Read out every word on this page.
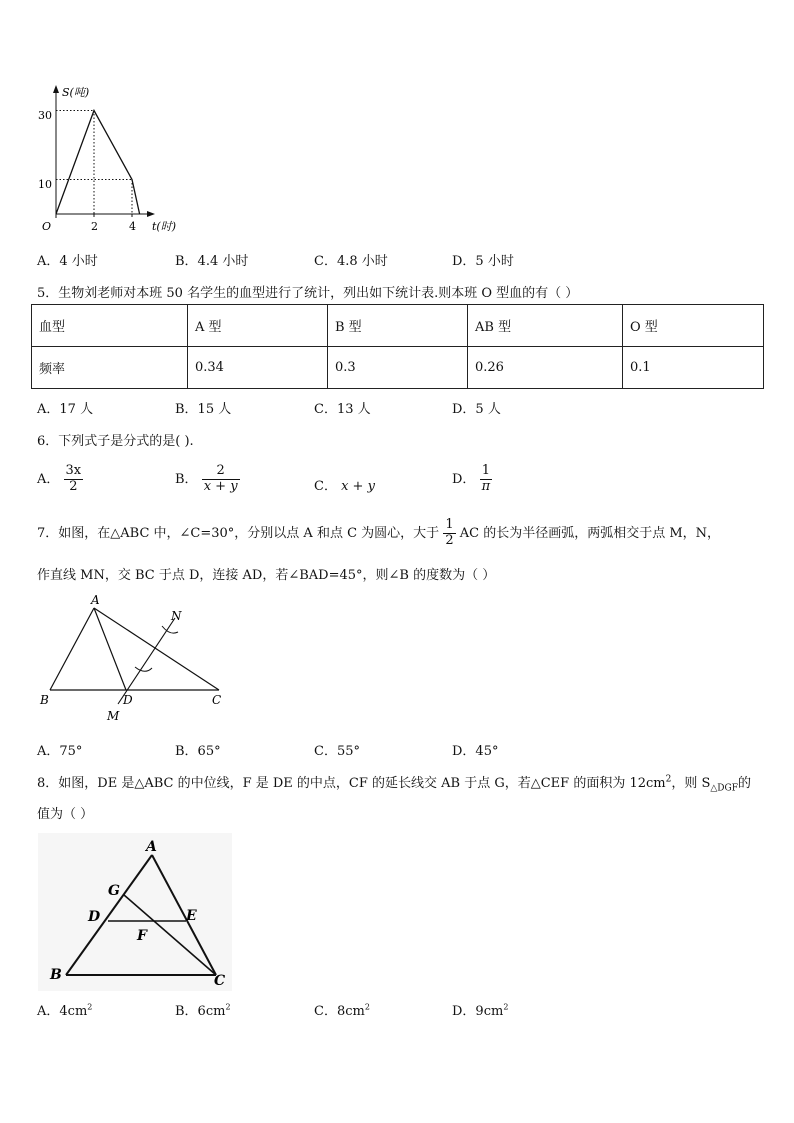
S(吨)
t(时)
O
30
10
2	4
A．4 小时	B．4.4 小时	C．4.8 小时	D．5 小时
5．生物刘老师对本班 50 名学生的血型进行了统计，列出如下统计表.则本班 O 型血的有（ ）
血型	A 型	B 型	AB 型	O 型
频率	0.34	0.3	0.26	0.1
A．17 人	B．15 人	C．13 人	D．5 人
6．下列式子是分式的是( ).
A． $\frac{3x}{2}$	B． $\frac{2}{x + y}$	C． x + y	D． $\frac{1}{\pi}$
7．如图，在△ABC 中，∠C=30°，分别以点 A 和点 C 为圆心，大于 $\frac{1}{2}$ AC 的长为半径画弧，两弧相交于点 M，N，
作直线 MN，交 BC 于点 D，连接 AD，若∠BAD=45°，则∠B 的度数为（ ）
A
B	C
D
M
N
A．75°	B．65°	C．55°	D．45°
8．如图，DE 是△ABC 的中位线，F 是 DE 的中点，CF 的延长线交 AB 于点 G，若△CEF 的面积为 $12cm^2$，则 $S_{\triangle DGF}$的
值为（ ）
A
G
D	E
F
B	C
A．$4cm^2$	B．$6cm^2$	C．$8cm^2$	D．$9cm^2$
